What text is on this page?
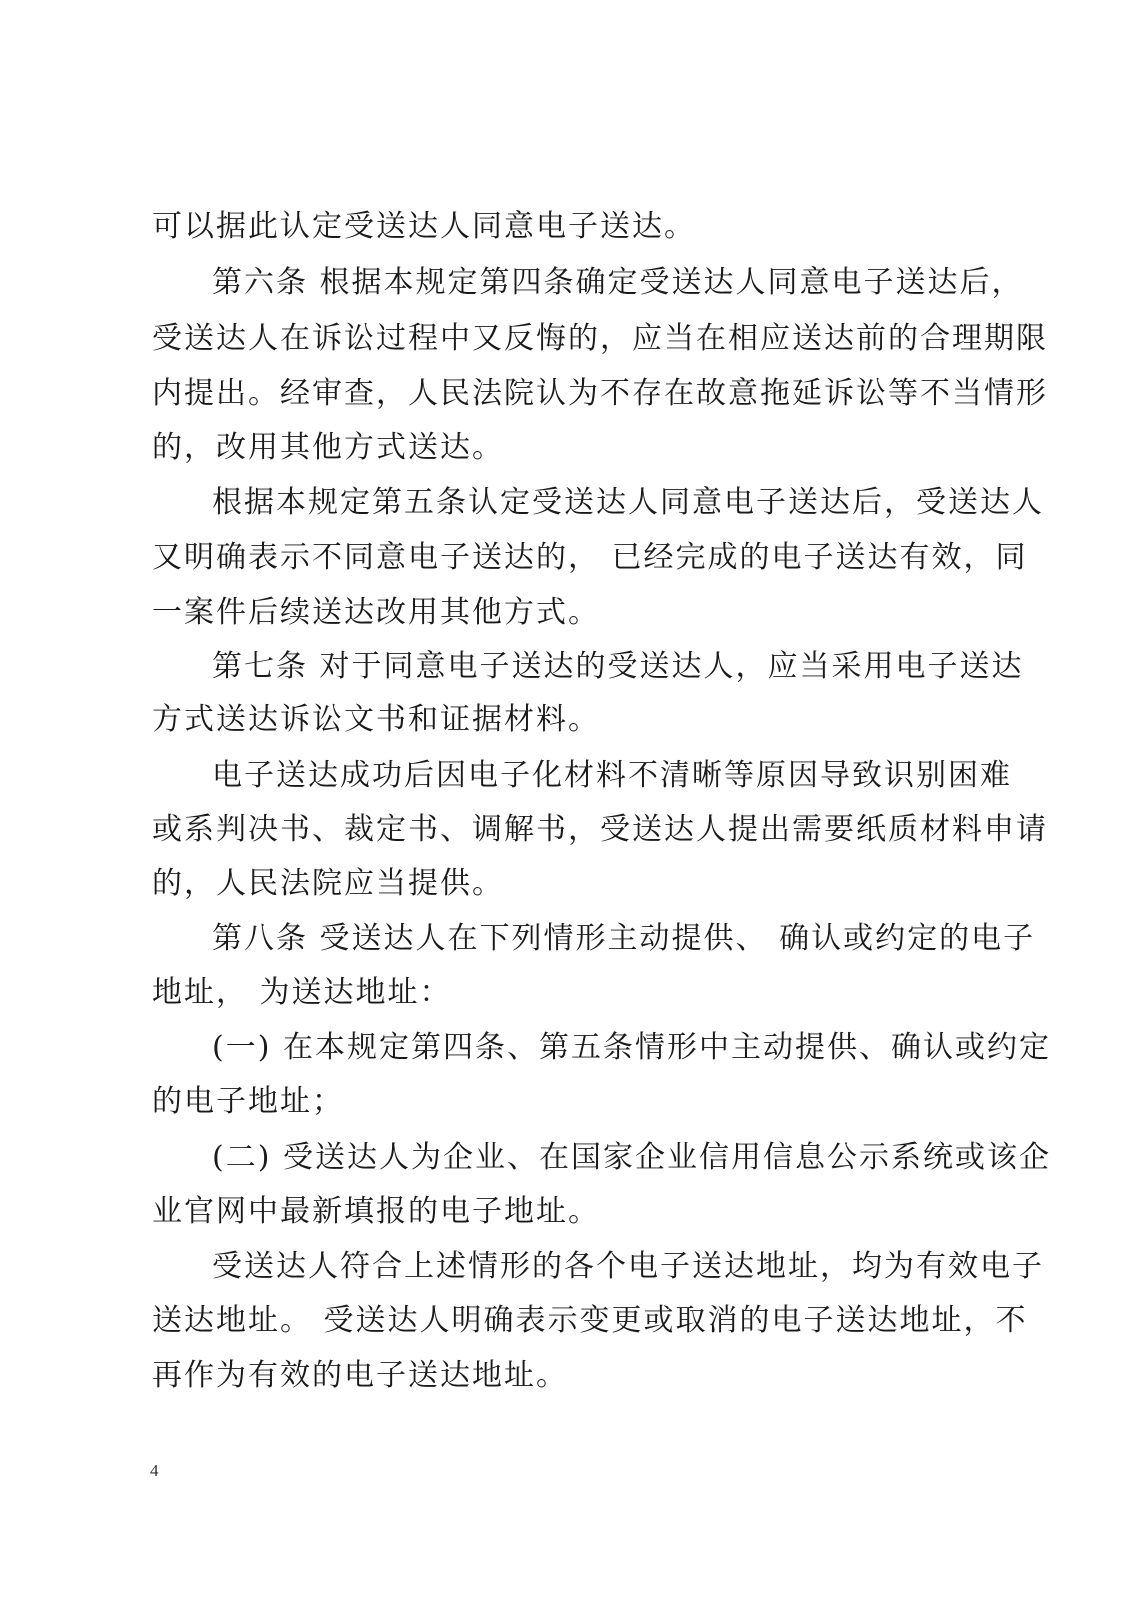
可以据此认定受送达人同意电子送达。
第六条 根据本规定第四条确定受送达人同意电子送达后，
受送达人在诉讼过程中又反悔的，应当在相应送达前的合理期限
内提出。经审查，人民法院认为不存在故意拖延诉讼等不当情形
的，改用其他方式送达。
根据本规定第五条认定受送达人同意电子送达后，受送达人
又明确表示不同意电子送达的， 已经完成的电子送达有效，同
一案件后续送达改用其他方式。
第七条 对于同意电子送达的受送达人，应当采用电子送达
方式送达诉讼文书和证据材料。
电子送达成功后因电子化材料不清晰等原因导致识别困难
或系判决书、裁定书、调解书，受送达人提出需要纸质材料申请
的，人民法院应当提供。
第八条 受送达人在下列情形主动提供、 确认或约定的电子
地址， 为送达地址：
(一) 在本规定第四条、第五条情形中主动提供、确认或约定
的电子地址；
(二) 受送达人为企业、在国家企业信用信息公示系统或该企
业官网中最新填报的电子地址。
受送达人符合上述情形的各个电子送达地址，均为有效电子
送达地址。 受送达人明确表示变更或取消的电子送达地址，不
再作为有效的电子送达地址。
4
